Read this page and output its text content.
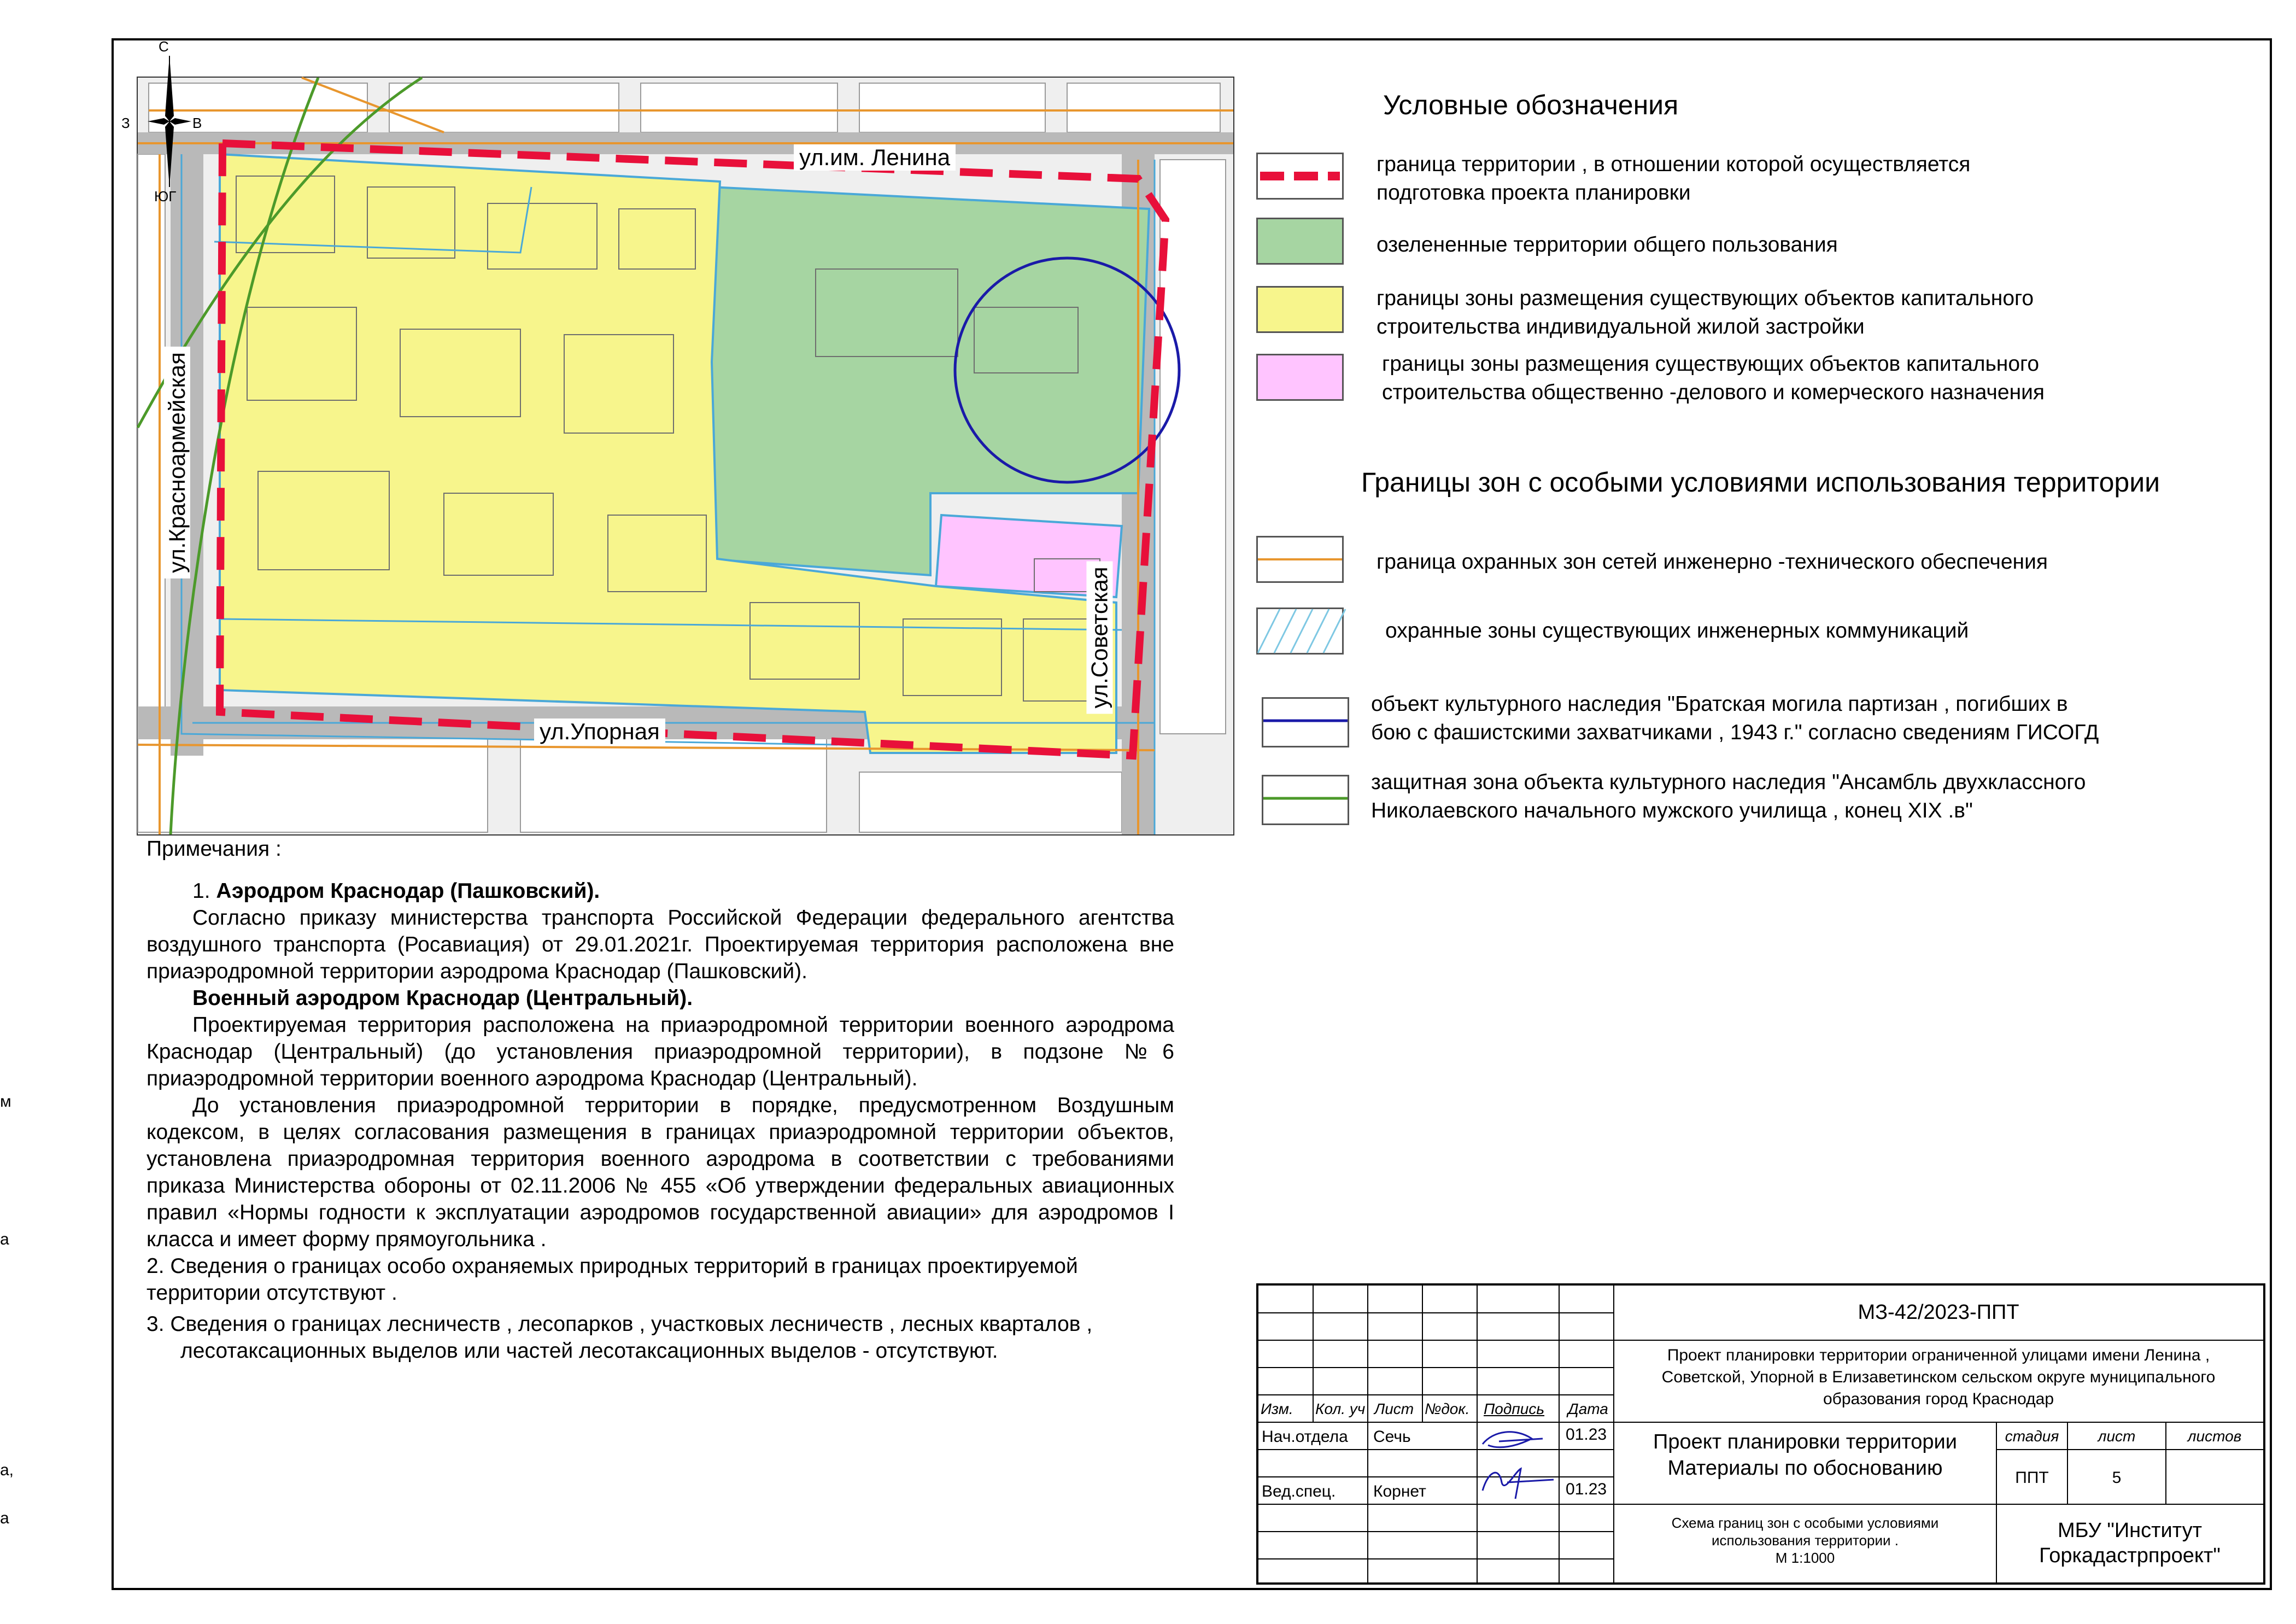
м
а
а,
а
С
З	В
ЮГ
ул.им. Ленина
ул.Красноармейская
ул.Советская
ул.Упорная
Условные обозначения
граница территории , в отношении которой осуществляется
подготовка проекта планировки
озелененные территории общего пользования
границы зоны размещения существующих объектов капитального
строительства индивидуальной жилой застройки
границы зоны размещения существующих объектов капитального
строительства общественно -делового и комерческого назначения
Границы зон с особыми условиями использования территории
граница охранных зон сетей инженерно -технического обеспечения
охранные зоны существующих инженерных коммуникаций
объект культурного наследия "Братская могила партизан , погибших в
бою с фашистскими захватчиками , 1943 г." согласно сведениям ГИСОГД
защитная зона объекта культурного наследия "Ансамбль двухклассного
Николаевского начального мужского училища , конец XIX .в"

Примечания :

1. Аэродром Краснодар (Пашковский).

Согласно приказу министерства транспорта Российской Федерации федерального агентства воздушного транспорта (Росавиация) от 29.01.2021г. Проектируемая территория расположена вне приаэродромной территории аэродрома Краснодар (Пашковский).

Военный аэродром Краснодар (Центральный).

Проектируемая территория расположена на приаэродромной территории военного аэродрома Краснодар (Центральный) (до установления приаэродромной территории), в подзоне №6 приаэродромной территории военного аэродрома Краснодар (Центральный).

До установления приаэродромной территории в порядке, предусмотренном Воздушным кодексом, в целях согласования размещения в границах приаэродромной территории объектов, установлена приаэродромная территория военного аэродрома в соответствии с требованиями приказа Министерства обороны от 02.11.2006 № 455 «Об утверждении федеральных авиационных правил «Нормы годности к эксплуатации аэродромов государственной авиации» для аэродромов I класса и имеет форму прямоугольника .

2. Сведения о границах особо охраняемых природных территорий в границах проектируемой территории отсутствуют .

3. Сведения о границах лесничеств , лесопарков , участковых лесничеств , лесных кварталов ,

лесотаксационных выделов или частей лесотаксационных выделов - отсутствуют.

МЗ-42/2023-ППТ
Проект планировки территории ограниченной улицами имени Ленина ,
Советской, Упорной в Елизаветинском сельском округе муниципального
образования город Краснодар
Изм. Кол. уч Лист №док. Подпись Дата
Нач.отдела Сечь	01.23
Вед.спец. Корнет	01.23
Проект планировки территории
Материалы по обоснованию
стадия	лист	листов
ППТ	5
Схема границ зон с особыми условиями
использования территории .
М 1:1000
МБУ "Институт
Горкадастрпроект"
